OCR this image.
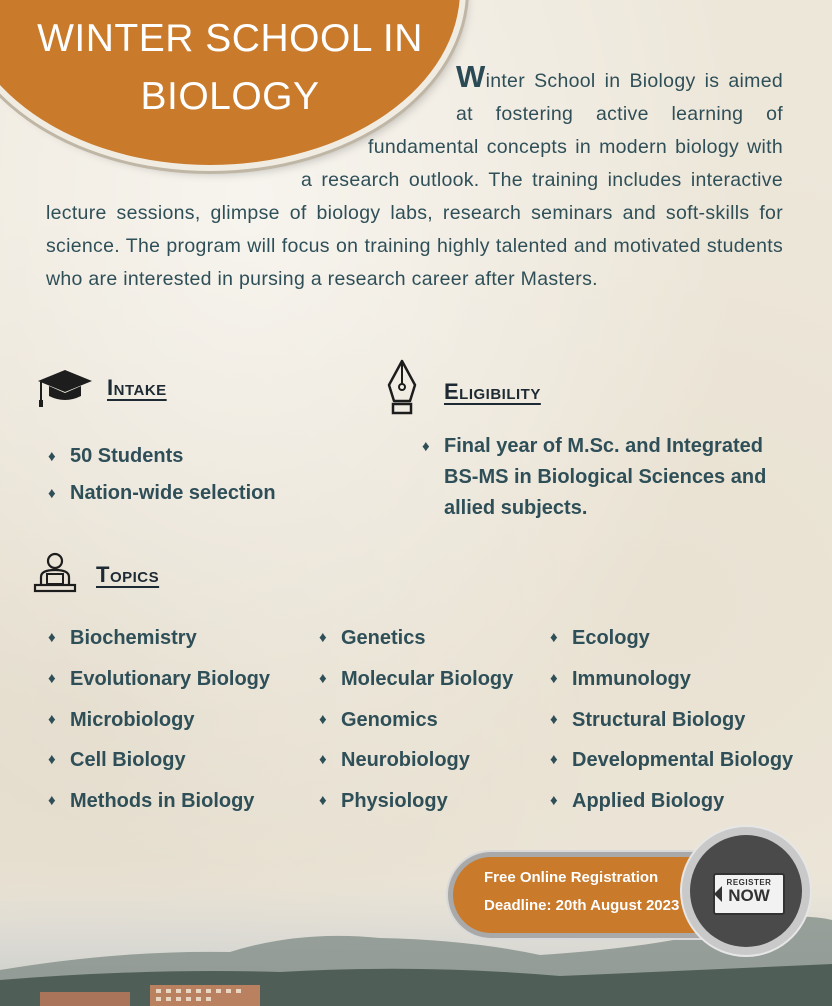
WINTER SCHOOL IN
BIOLOGY	Winter School in Biology is aimed at fostering active learning of fundamental concepts in modern biology with a research outlook. The training includes interactive lecture sessions, glimpse of biology labs, research seminars and soft-skills for science. The program will focus on training highly talented and motivated students who are interested in pursing a research career after Masters.
Intake
♦ 50 Students
♦ Nation-wide selection
Eligibility
♦ Final year of M.Sc. and Integrated BS-MS in Biological Sciences and allied subjects.
Topics
♦ Biochemistry
♦ Evolutionary Biology
♦ Microbiology
♦ Cell Biology
♦ Methods in Biology
♦ Genetics
♦ Molecular Biology
♦ Genomics
♦ Neurobiology
♦ Physiology
♦ Ecology
♦ Immunology
♦ Structural Biology
♦ Developmental Biology
♦ Applied Biology
Free Online Registration
Deadline: 20th August 2023
REGISTER
NOW
